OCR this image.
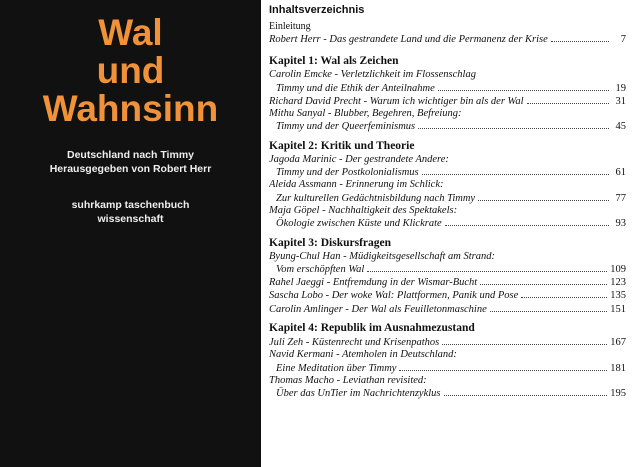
Wal
und
Wahnsinn
Deutschland nach Timmy
Herausgegeben von Robert Herr
suhrkamp taschenbuch
wissenschaft
Inhaltsverzeichnis
Einleitung
Robert Herr - Das gestrandete Land und die Permanenz der Krise	7
Kapitel 1: Wal als Zeichen
Carolin Emcke - Verletzlichkeit im Flossenschlag
Timmy und die Ethik der Anteilnahme	19
Richard David Precht - Warum ich wichtiger bin als der Wal	31
Mithu Sanyal - Blubber, Begehren, Befreiung:
Timmy und der Queerfeminismus	45
Kapitel 2: Kritik und Theorie
Jagoda Marinic - Der gestrandete Andere:
Timmy und der Postkolonialismus	61
Aleida Assmann - Erinnerung im Schlick:
Zur kulturellen Gedächtnisbildung nach Timmy	77
Maja Göpel - Nachhaltigkeit des Spektakels:
Ökologie zwischen Küste und Klickrate	93
Kapitel 3: Diskursfragen
Byung-Chul Han - Müdigkeitsgesellschaft am Strand:
Vom erschöpften Wal	109
Rahel Jaeggi - Entfremdung in der Wismar-Bucht	123
Sascha Lobo - Der woke Wal: Plattformen, Panik und Pose	135
Carolin Amlinger - Der Wal als Feuilletonmaschine	151
Kapitel 4: Republik im Ausnahmezustand
Juli Zeh - Küstenrecht und Krisenpathos	167
Navid Kermani - Atemholen in Deutschland:
Eine Meditation über Timmy	181
Thomas Macho - Leviathan revisited:
Über das UnTier im Nachrichtenzyklus	195
